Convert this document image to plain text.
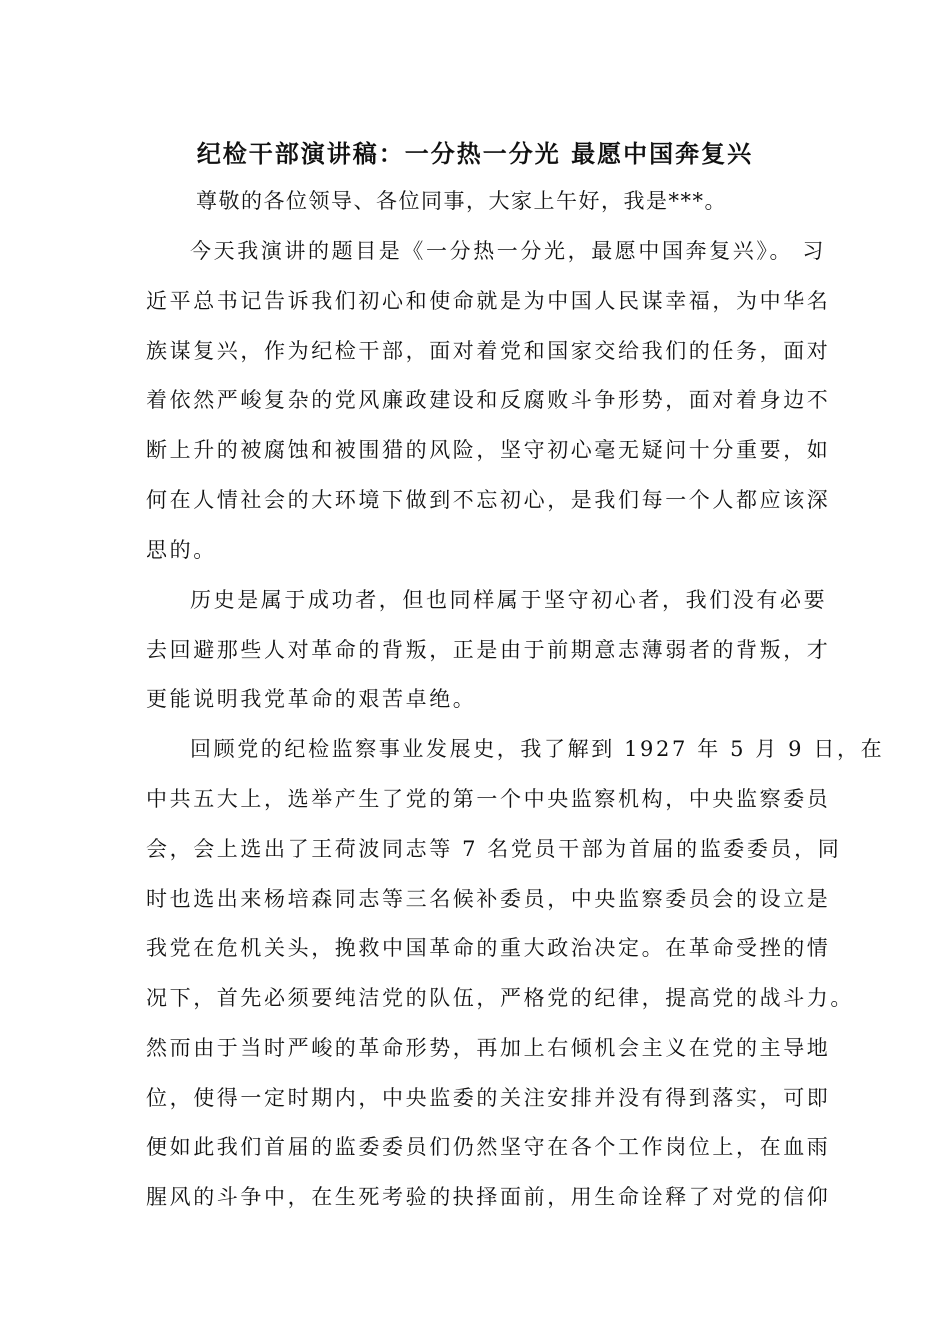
纪检干部演讲稿：一分热一分光 最愿中国奔复兴
尊敬的各位领导、各位同事，大家上午好，我是***。
今天我演讲的题目是《一分热一分光，最愿中国奔复兴》。 习
近平总书记告诉我们初心和使命就是为中国人民谋幸福，为中华名
族谋复兴，作为纪检干部，面对着党和国家交给我们的任务，面对
着依然严峻复杂的党风廉政建设和反腐败斗争形势，面对着身边不
断上升的被腐蚀和被围猎的风险，坚守初心毫无疑问十分重要，如
何在人情社会的大环境下做到不忘初心，是我们每一个人都应该深
思的。
历史是属于成功者，但也同样属于坚守初心者，我们没有必要
去回避那些人对革命的背叛，正是由于前期意志薄弱者的背叛，才
更能说明我党革命的艰苦卓绝。
回顾党的纪检监察事业发展史，我了解到 1927 年 5 月 9 日，在
中共五大上，选举产生了党的第一个中央监察机构，中央监察委员
会，会上选出了王荷波同志等 7 名党员干部为首届的监委委员，同
时也选出来杨培森同志等三名候补委员，中央监察委员会的设立是
我党在危机关头，挽救中国革命的重大政治决定。在革命受挫的情
况下，首先必须要纯洁党的队伍，严格党的纪律，提高党的战斗力。
然而由于当时严峻的革命形势，再加上右倾机会主义在党的主导地
位，使得一定时期内，中央监委的关注安排并没有得到落实，可即
便如此我们首届的监委委员们仍然坚守在各个工作岗位上，在血雨
腥风的斗争中，在生死考验的抉择面前，用生命诠释了对党的信仰
